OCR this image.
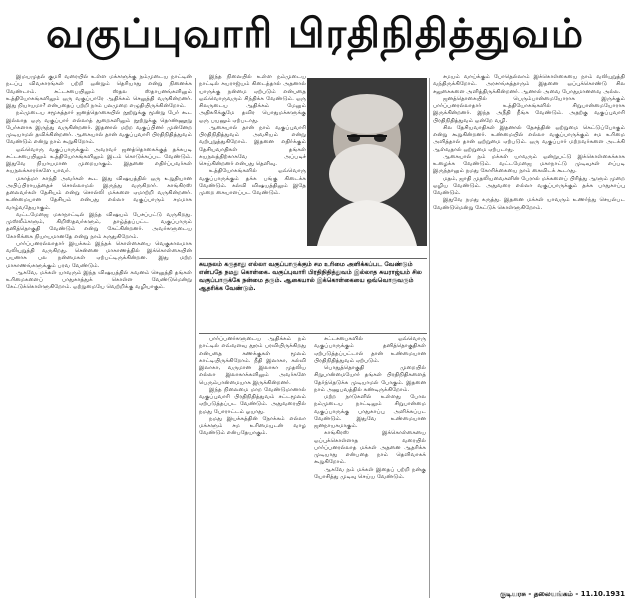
வகுப்புவாரி பிரதிநிதித்துவம்

இமயமுதல் குமரி வரையில் உள்ள மக்களுக்கு நம்முடைய நாட்டின் நடப்பு விவகாரங்கள் பற்றி ஒன்றும் தெரியாது என்று நினைக்க வேண்டாம். சட்டசபையிலும் ஸ்தல ஸ்தாபனங்களிலும் உத்தியோகங்களிலும் ஒரு வகுப்பாரே ஆதிக்கம் செலுத்தி வருகின்றனர். இது நியாயமா? என்பதைப் பற்றி நாம் பலமுறை எழுதியிருக்கின்றோம்.

நம்முடைய சமூகத்தார் ஜனத்தொகையில் நூற்றுக்கு மூன்று பேர் கூட இல்லாத ஒரு வகுப்பார் எல்லாத் துறைகளிலும் நூற்றுக்கு தொண்ணூறு பேர்களாக இருந்து வருகின்றனர். இதனால் மற்ற வகுப்பினர் முன்னேற முடியாமல் தவிக்கின்றனர். ஆகையால் தான் வகுப்புவாரி பிரதிநிதித்துவம் வேண்டும் என்று நாம் கூறுகிறோம்.

ஒவ்வொரு வகுப்பாருக்கும் அவரவர் ஜனத்தொகைக்குத் தக்கபடி சட்டசபையிலும் உத்தியோகங்களிலும் இடம் கொடுக்கப்பட வேண்டும். இதுவே நியாயமான முறையாகும். இதனை எதிர்ப்பவர்கள் சுயநலக்காரர்களே யாவர்.

மகாத்மா காந்தி அவர்கள் கூட இது விஷயத்தில் ஒரு உறுதியான அபிப்பிராயத்தைச் சொல்லாமல் இருந்து வருகிறார். காங்கிரஸ் தலைவர்கள் தேசியம் என்று சொல்லி மக்களை ஏமாற்றி வருகின்றனர். உண்மையான தேசியம் என்பது எல்லா வகுப்பாரும் சமமாக வாழ்வதேயாகும்.

வட்டமேஜை மகாநாட்டில் இந்த விஷயம் பேசப்பட்டு வருகிறது. முஸ்லீம்களும், கிறிஸ்தவர்களும், தாழ்த்தப்பட்ட வகுப்பாரும் தனித்தொகுதி வேண்டும் என்று கேட்கின்றனர். அவர்களுடைய கோரிக்கை நியாயமானதே என்று நாம் கருதுகிறோம்.

பார்ப்பனரல்லாதார் இயக்கம் இந்தக் கொள்கையை வெகுகாலமாக வலியுறுத்தி வருகிறது. சென்னை மாகாணத்தில் இக்கொள்கையின் பயனாக பல நன்மைகள் ஏற்பட்டிருக்கின்றன. இது மற்ற மாகாணங்களுக்கும் பரவ வேண்டும்.

ஆகவே, மக்கள் யாவரும் இந்த விஷயத்தில் கவனம் செலுத்தி தங்கள் உரிமைகளைப் பாதுகாத்துக் கொள்ள வேண்டுமென்று கேட்டுக்கொள்ளுகிறோம். ஒற்றுமையே வெற்றிக்கு வழியாகும்.

இந்த நிலையில் உள்ள நம்முடைய நாட்டில் சுயராஜ்யம் கிடைத்தால் அதனால் யாருக்கு நன்மை ஏற்படும் என்பதை ஒவ்வொருவரும் சிந்திக்க வேண்டும். ஒரு சிலருடைய ஆதிக்கம் மேலும் அதிகரிக்குமே தவிர பொதுமக்களுக்கு ஒரு பயனும் ஏற்படாது.

ஆகையால் தான் நாம் வகுப்புவாரி பிரதிநிதித்துவம் அவசியம் என்று வற்புறுத்துகிறோம். இதனை எதிர்க்கும் தேசியவாதிகள் தங்கள் சுயநலத்திற்காகவே அப்படிச் செய்கின்றனர் என்பது தெளிவு.

உத்தியோகங்களில் ஒவ்வொரு வகுப்பாருக்கும் தக்க பங்கு கிடைக்க வேண்டும். கல்வி விஷயத்திலும் இதே முறை கையாளப்பட வேண்டும்.

சுயநலம் கருதாது எல்லா வகுப்பாருக்கும் சம உரிமை அளிக்கப்பட வேண்டும் என்பதே நமது கொள்கை. வகுப்புவாரி பிரதிநிதித்துவம் இல்லாத சுயராஜ்யம் சில வகுப்பாருக்கே நன்மை தரும். ஆகையால் இக்கொள்கையை ஒவ்வொருவரும் ஆதரிக்க வேண்டும்.

பார்ப்பனர்களுடைய ஆதிக்கம் நம் நாட்டில் எவ்வளவு தூரம் பரவியிருக்கிறது என்பதை கணக்குகள் மூலம் காட்டியிருக்கிறோம். நீதி இலாகா, கல்வி இலாகா, வருமான இலாகா முதலிய எல்லா இலாகாக்களிலும் அவர்களே பெரும்பான்மையாக இருக்கின்றனர்.

இந்த நிலைமை மாற வேண்டுமானால் வகுப்புவாரி பிரதிநிதித்துவம் சட்டமூலம் ஏற்படுத்தப்பட வேண்டும். அதுவரையில் நமது போராட்டம் ஓயாது.

நமது இயக்கத்தின் நோக்கம் எல்லா மக்களும் சம உரிமையுடன் வாழ வேண்டும் என்பதேயாகும்.

சட்டசபைகளில் ஒவ்வொரு வகுப்பாருக்கும் தனித்தொகுதிகள் ஏற்படுத்தப்பட்டால் தான் உண்மையான பிரதிநிதித்துவம் ஏற்படும்.

பொதுத்தொகுதி முறையில் சிறுபான்மையோர் தங்கள் பிரதிநிதிகளைத் தேர்ந்தெடுக்க முடியாமல் போகும். இதனை நாம் அனுபவத்தில் கண்டிருக்கிறோம்.

மற்ற நாடுகளில் உள்ளது போல நம்முடைய நாட்டிலும் சிறுபான்மை வகுப்பாருக்கு பாதுகாப்பு அளிக்கப்பட வேண்டும். இதுவே உண்மையான ஜனநாயகமாகும்.

காங்கிரஸ் இக்கொள்கையை ஒப்புக்கொள்ளாத வரையில் பார்ப்பனரல்லாத மக்கள் அதனை ஆதரிக்க முடியாது என்பதை நாம் தெளிவாகக் கூறுகிறோம்.

ஆகவே நம் மக்கள் இதைப் பற்றி நன்கு யோசித்து முடிவு செய்ய வேண்டும்.

சமயம் வாய்க்கும் போதெல்லாம் இக்கொள்கையை நாம் வலியுறுத்தி வந்திருக்கிறோம். அரசாங்கத்தாரும் இதனை ஒப்புக்கொண்டு சில சலுகைகளை அளித்திருக்கின்றனர். ஆனால் அவை போதுமானவை அல்ல.

ஜனத்தொகையில் பெரும்பான்மையோராக இருக்கும் பார்ப்பனரல்லாதார் உத்தியோகங்களில் சிறுபான்மையோராக இருக்கின்றனர். இந்த அநீதி நீங்க வேண்டும். அதற்கு வகுப்புவாரி பிரதிநிதித்துவம் ஒன்றே வழி.

சில தேசியவாதிகள் இதனால் தேசத்தின் ஒற்றுமை கெட்டுப்போகும் என்று கூறுகின்றனர். உண்மையில் எல்லா வகுப்பாருக்கும் சம உரிமை அளித்தால் தான் ஒற்றுமை ஏற்படும். ஒரு வகுப்பார் மற்றவர்களை அடக்கி ஆள்வதால் ஒற்றுமை ஏற்படாது.

ஆகையால் நம் மக்கள் யாவரும் ஒன்றுபட்டு இக்கொள்கைக்காக உழைக்க வேண்டும். வட்டமேஜை மகாநாட்டு முடிவுகள் எப்படி இருந்தாலும் நமது கோரிக்கையை நாம் கைவிடக் கூடாது.

மதம், ஜாதி முதலியவைகளின் பேரால் மக்களைப் பிரித்து ஆளும் முறை ஒழிய வேண்டும். அதுவரை எல்லா வகுப்பாருக்கும் தக்க பாதுகாப்பு வேண்டும்.

இதுவே நமது கருத்து. இதனை மக்கள் யாவரும் உணர்ந்து செயல்பட வேண்டுமென்று கேட்டுக் கொள்ளுகிறோம்.

குடியரசு - தலையங்கம் - 11.10.1931
